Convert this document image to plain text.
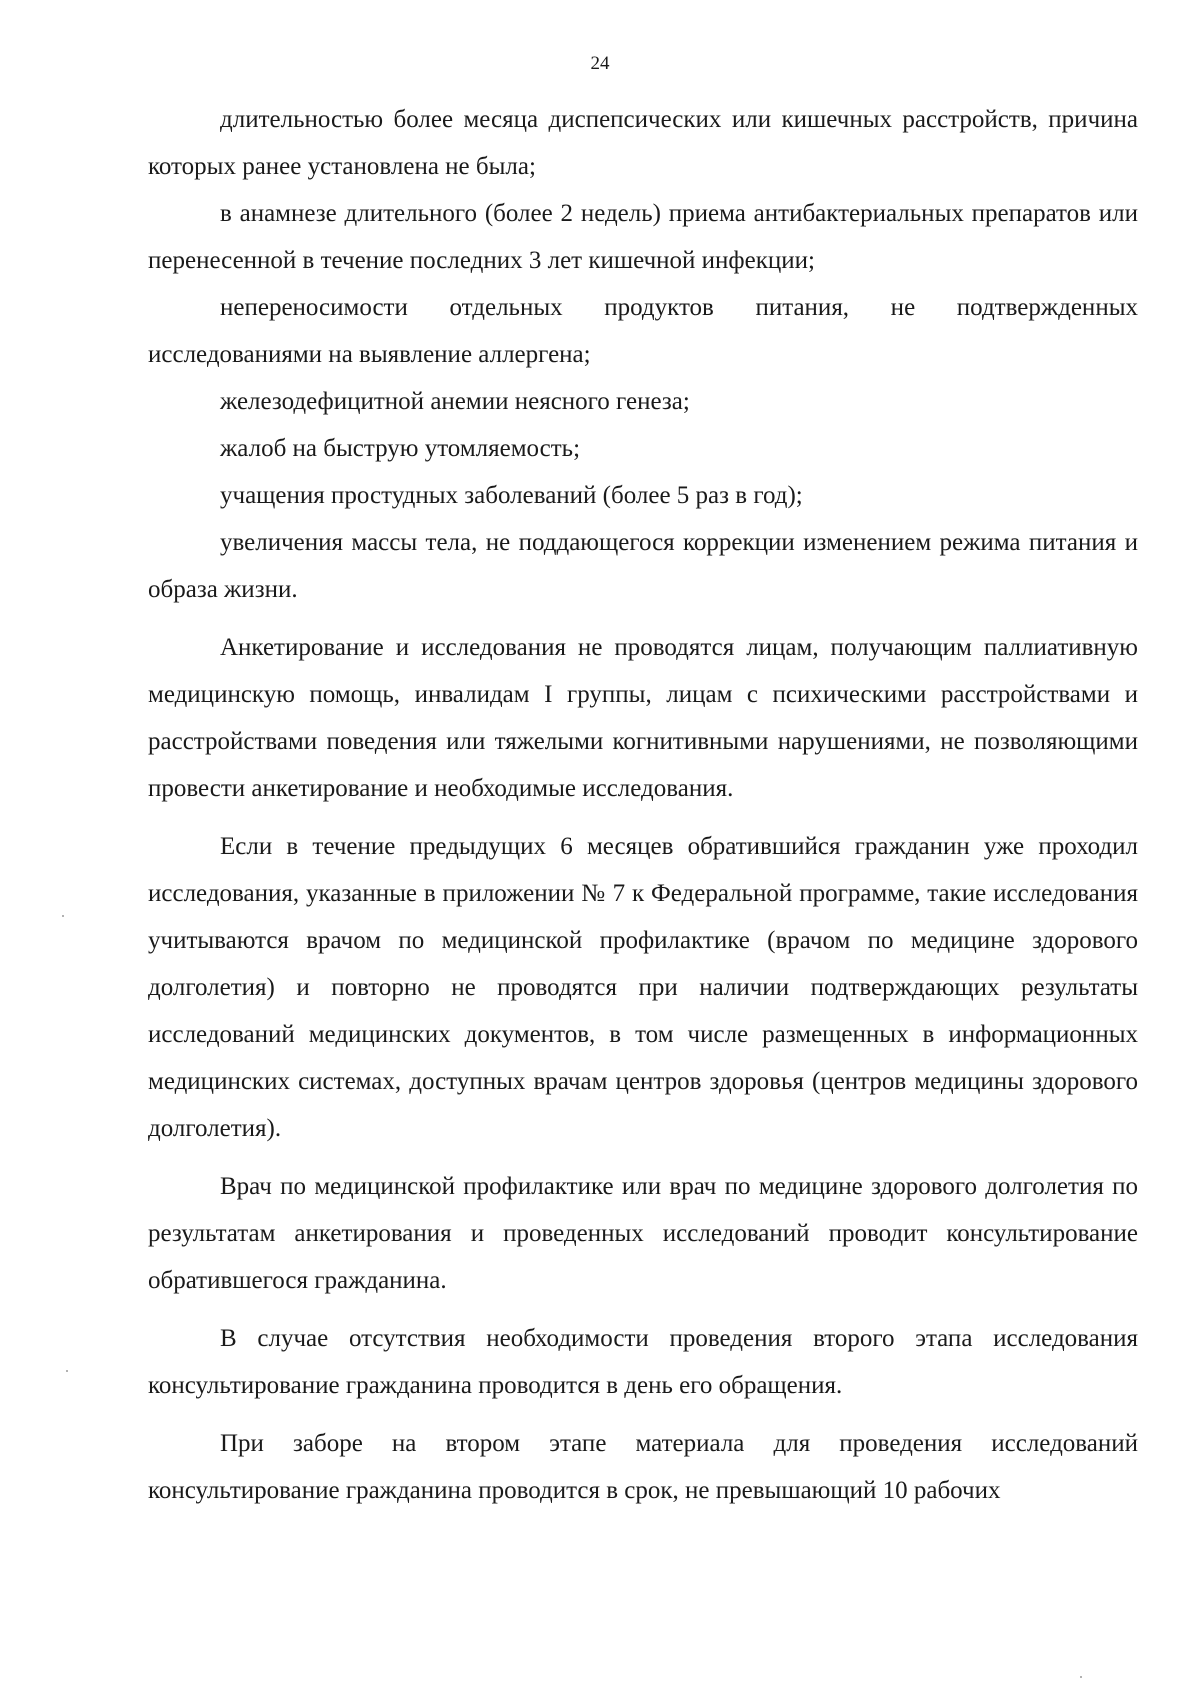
24

длительностью более месяца диспепсических или кишечных расстройств, причина которых ранее установлена не была;

в анамнезе длительного (более 2 недель) приема антибактериальных препаратов или перенесенной в течение последних 3 лет кишечной инфекции;

непереносимости отдельных продуктов питания, не подтвержденных исследованиями на выявление аллергена;

железодефицитной анемии неясного генеза;

жалоб на быструю утомляемость;

учащения простудных заболеваний (более 5 раз в год);

увеличения массы тела, не поддающегося коррекции изменением режима питания и образа жизни.

Анкетирование и исследования не проводятся лицам, получающим паллиативную медицинскую помощь, инвалидам I группы, лицам с психическими расстройствами и расстройствами поведения или тяжелыми когнитивными нарушениями, не позволяющими провести анкетирование и необходимые исследования.

Если в течение предыдущих 6 месяцев обратившийся гражданин уже проходил исследования, указанные в приложении № 7 к Федеральной программе, такие исследования учитываются врачом по медицинской профилактике (врачом по медицине здорового долголетия) и повторно не проводятся при наличии подтверждающих результаты исследований медицинских документов, в том числе размещенных в информационных медицинских системах, доступных врачам центров здоровья (центров медицины здорового долголетия).

Врач по медицинской профилактике или врач по медицине здорового долголетия по результатам анкетирования и проведенных исследований проводит консультирование обратившегося гражданина.

В случае отсутствия необходимости проведения второго этапа исследования консультирование гражданина проводится в день его обращения.

При заборе на втором этапе материала для проведения исследований консультирование гражданина проводится в срок, не превышающий 10 рабочих
